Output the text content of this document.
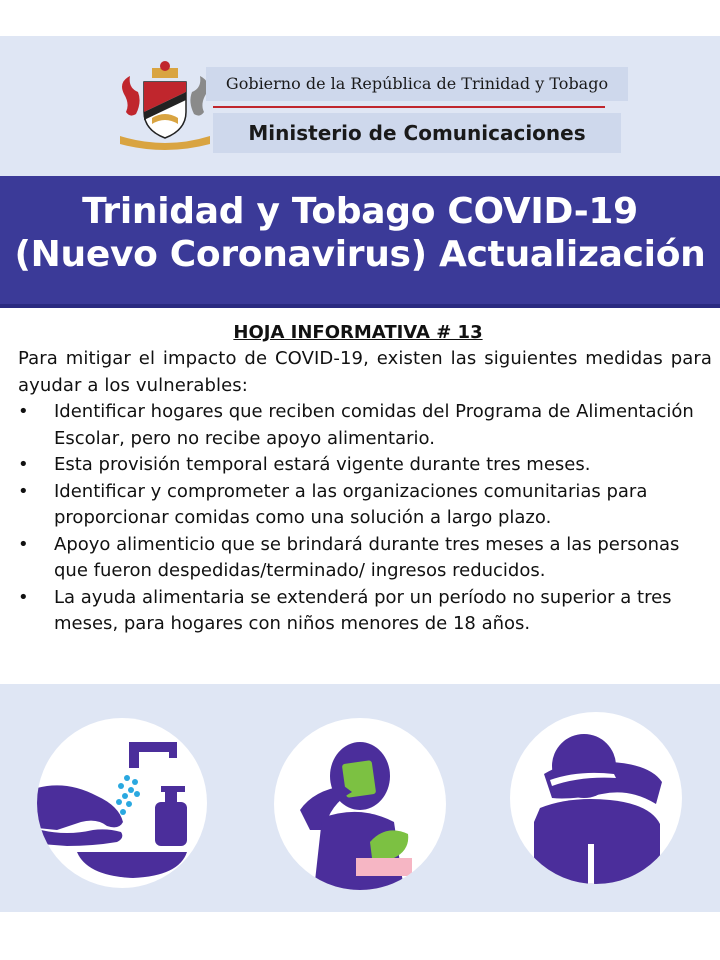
Gobierno de la República de Trinidad y Tobago
Ministerio de Comunicaciones
Trinidad y Tobago COVID-19
(Nuevo Coronavirus) Actualización
HOJA INFORMATIVA # 13

Para mitigar el impacto de COVID-19, existen las siguientes medidas para ayudar a los vulnerables:

•	Identificar hogares que reciben comidas del Programa de Alimentación Escolar, pero no recibe apoyo alimentario.
•	Esta provisión temporal estará vigente durante tres meses.
•	Identificar y comprometer a las organizaciones comunitarias para proporcionar comidas como una solución a largo plazo.
•	Apoyo alimenticio que se brindará durante tres meses a las personas que fueron despedidas/terminado/ ingresos reducidos.
•	La ayuda alimentaria se extenderá por un período no superior a tres meses, para hogares con niños menores de 18 años.
